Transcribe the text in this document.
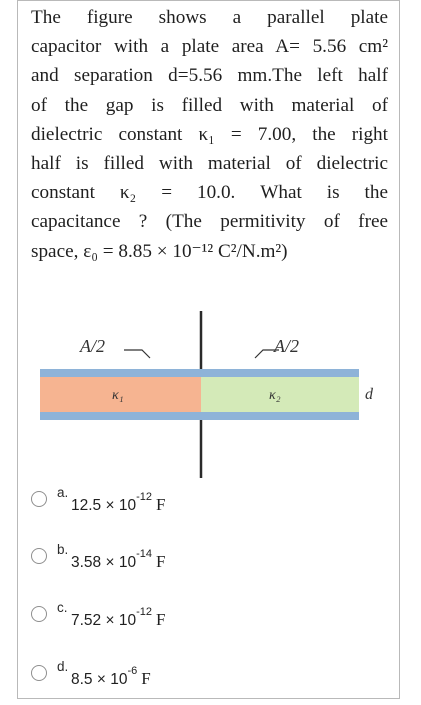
The figure shows a parallel plate
capacitor with a plate area A= 5.56 cm²
and separation d=5.56 mm.The left half
of the gap is filled with material of
dielectric constant κ₁ = 7.00, the right
half is filled with material of dielectric
constant κ₂ = 10.0. What is the
capacitance ? (The permitivity of free

space, ε₀ = 8.85 × 10⁻¹² C²/N.m²)
A/2	A/2
κ₁	κ₂	d
a.
$12.5 \times 10^{-12}$ F
b.
$3.58 \times 10^{-14}$ F
c.
$7.52 \times 10^{-12}$ F
d.
$8.5 \times 10^{-6}$ F
